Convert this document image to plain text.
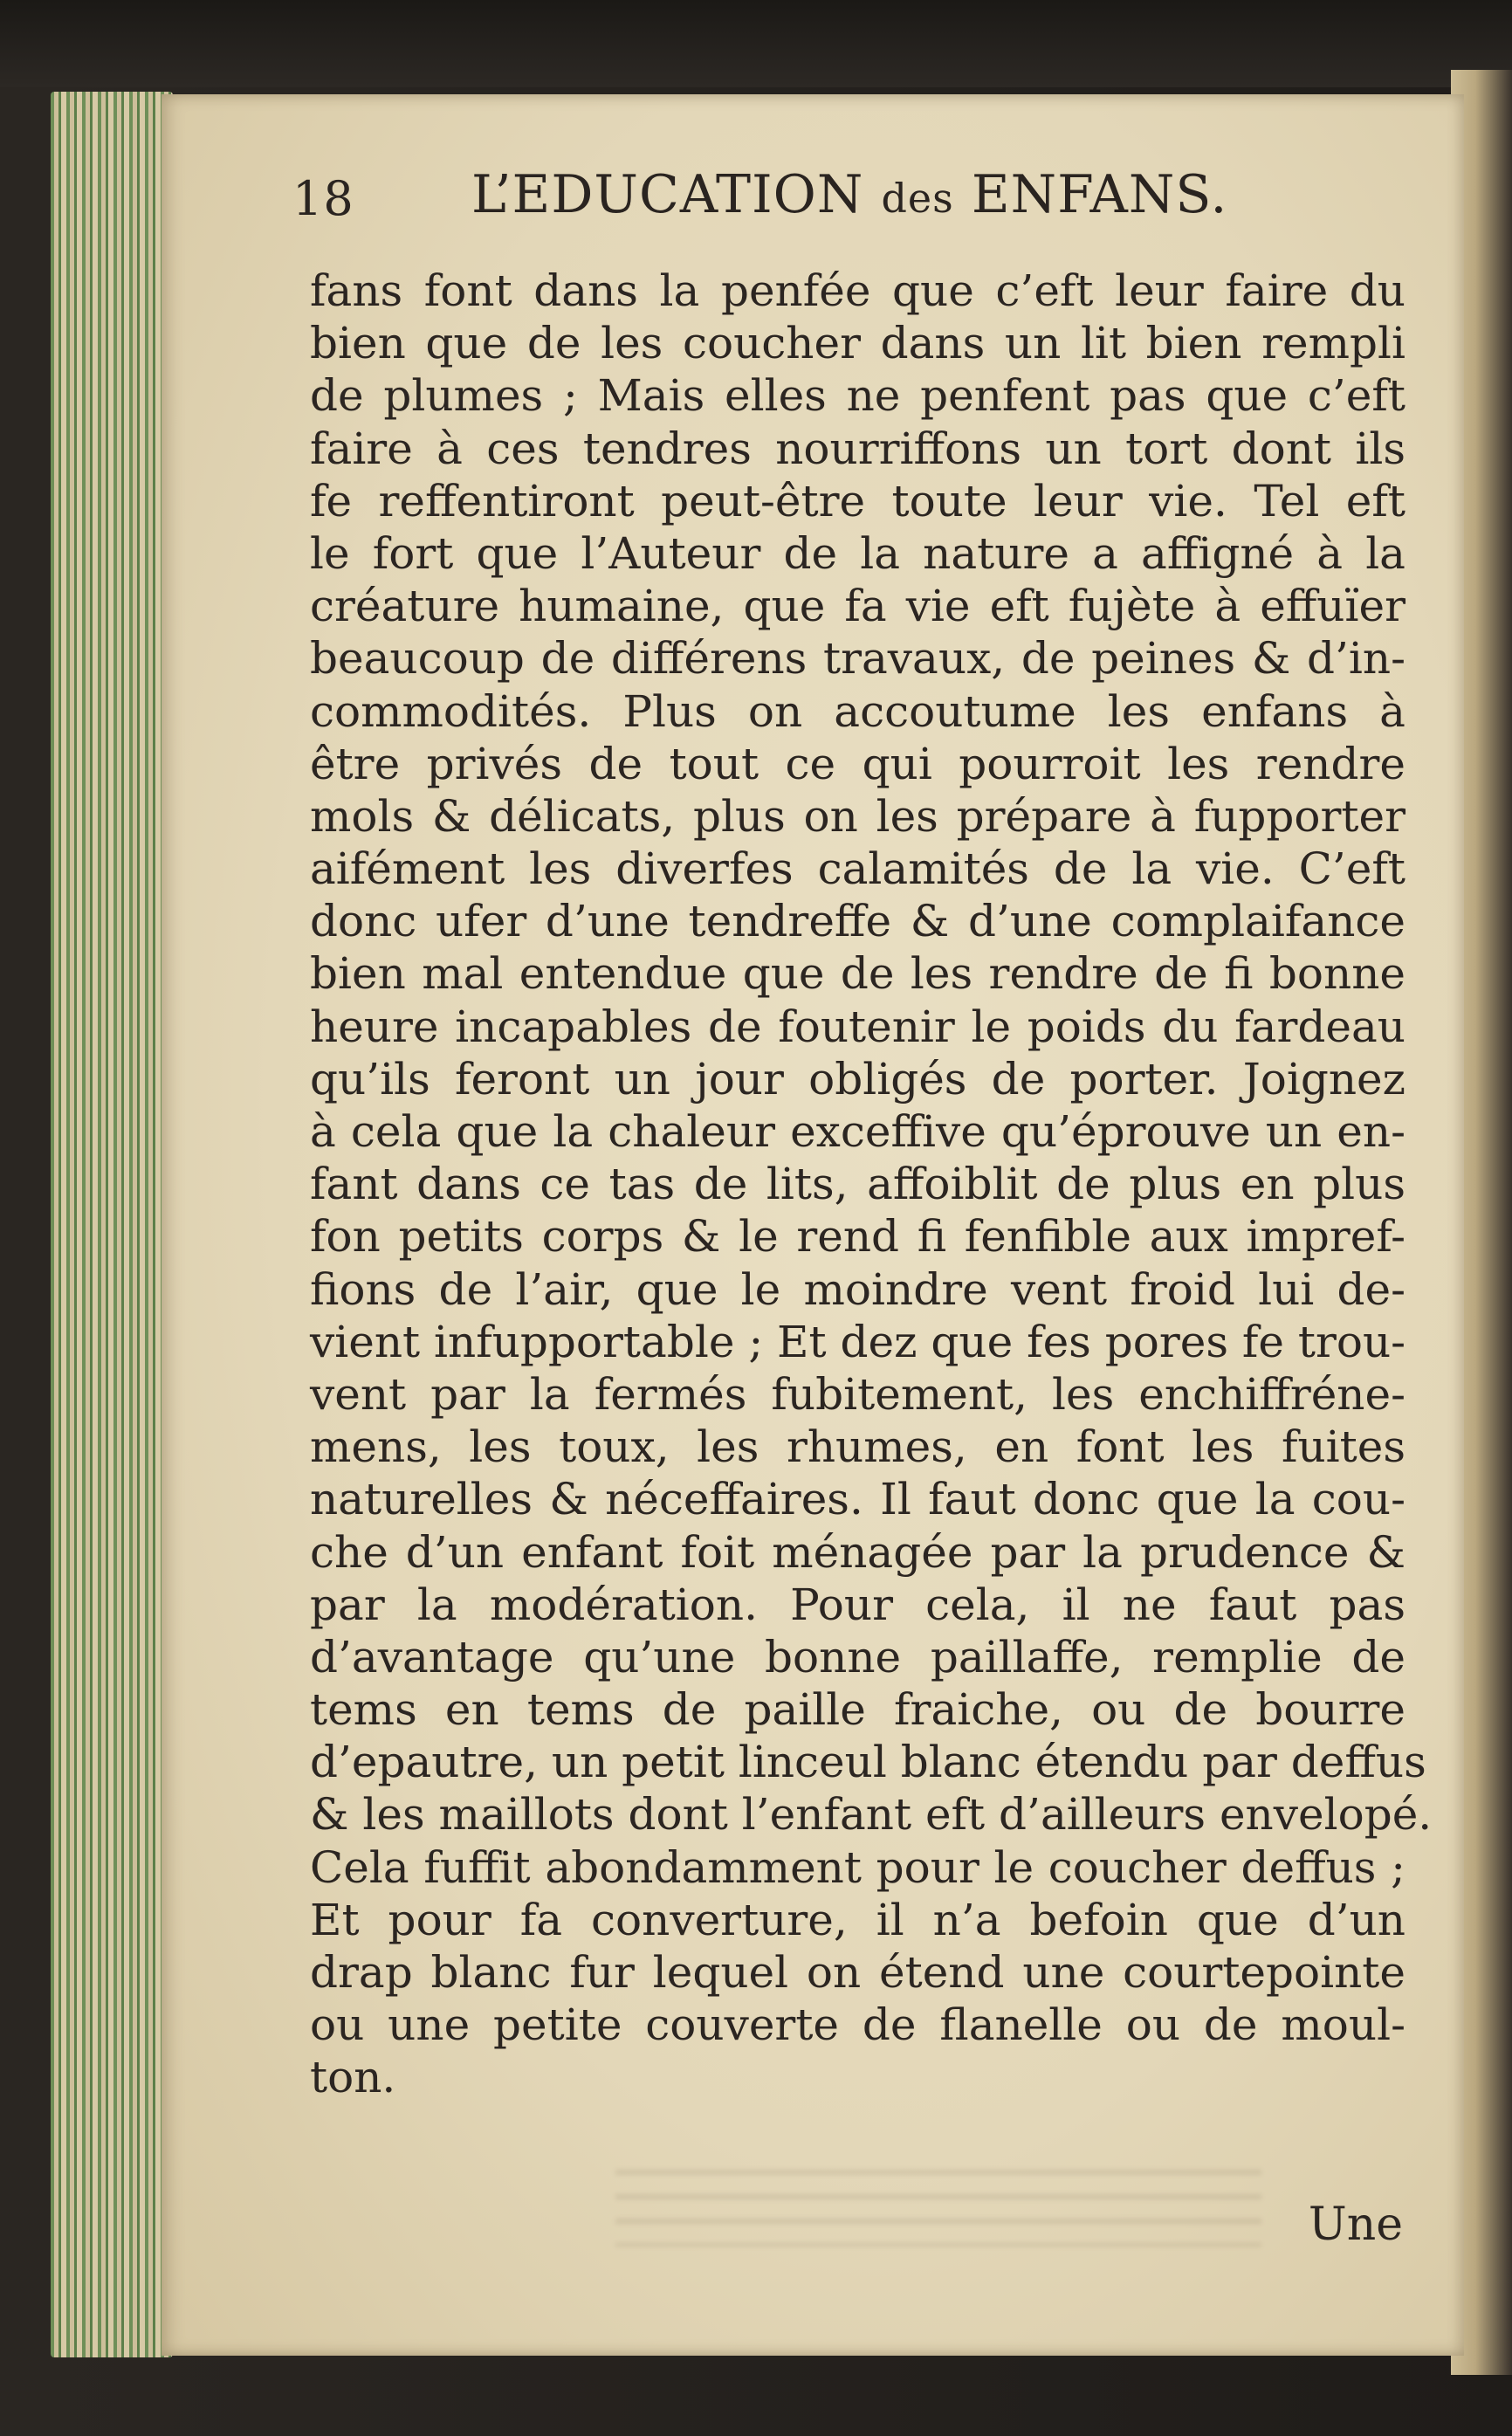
18 L’EDUCATION des ENFANS.
fans font dans la penfée que c’eft leur faire du
bien que de les coucher dans un lit bien rempli
de plumes ; Mais elles ne penfent pas que c’eft
faire à ces tendres nourriffons un tort dont ils
fe reffentiront peut-être toute leur vie. Tel eft
le fort que l’Auteur de la nature a affigné à la
créature humaine, que fa vie eft fujète à effuïer
beaucoup de différens travaux, de peines & d’in-
commodités. Plus on accoutume les enfans à
être privés de tout ce qui pourroit les rendre
mols & délicats, plus on les prépare à fupporter
aifément les diverfes calamités de la vie. C’eft
donc ufer d’une tendreffe & d’une complaifance
bien mal entendue que de les rendre de fi bonne
heure incapables de foutenir le poids du fardeau
qu’ils feront un jour obligés de porter. Joignez
à cela que la chaleur exceffive qu’éprouve un en-
fant dans ce tas de lits, affoiblit de plus en plus
fon petits corps & le rend fi fenfible aux impref-
fions de l’air, que le moindre vent froid lui de-
vient infupportable ; Et dez que fes pores fe trou-
vent par la fermés fubitement, les enchiffréne-
mens, les toux, les rhumes, en font les fuites
naturelles & néceffaires. Il faut donc que la cou-
che d’un enfant foit ménagée par la prudence &
par la modération. Pour cela, il ne faut pas
d’avantage qu’une bonne paillaffe, remplie de
tems en tems de paille fraiche, ou de bourre
d’epautre, un petit linceul blanc étendu par deffus
& les maillots dont l’enfant eft d’ailleurs envelopé.
Cela fuffit abondamment pour le coucher deffus ;
Et pour fa converture, il n’a befoin que d’un
drap blanc fur lequel on étend une courtepointe
ou une petite couverte de flanelle ou de moul-
ton.
Une
